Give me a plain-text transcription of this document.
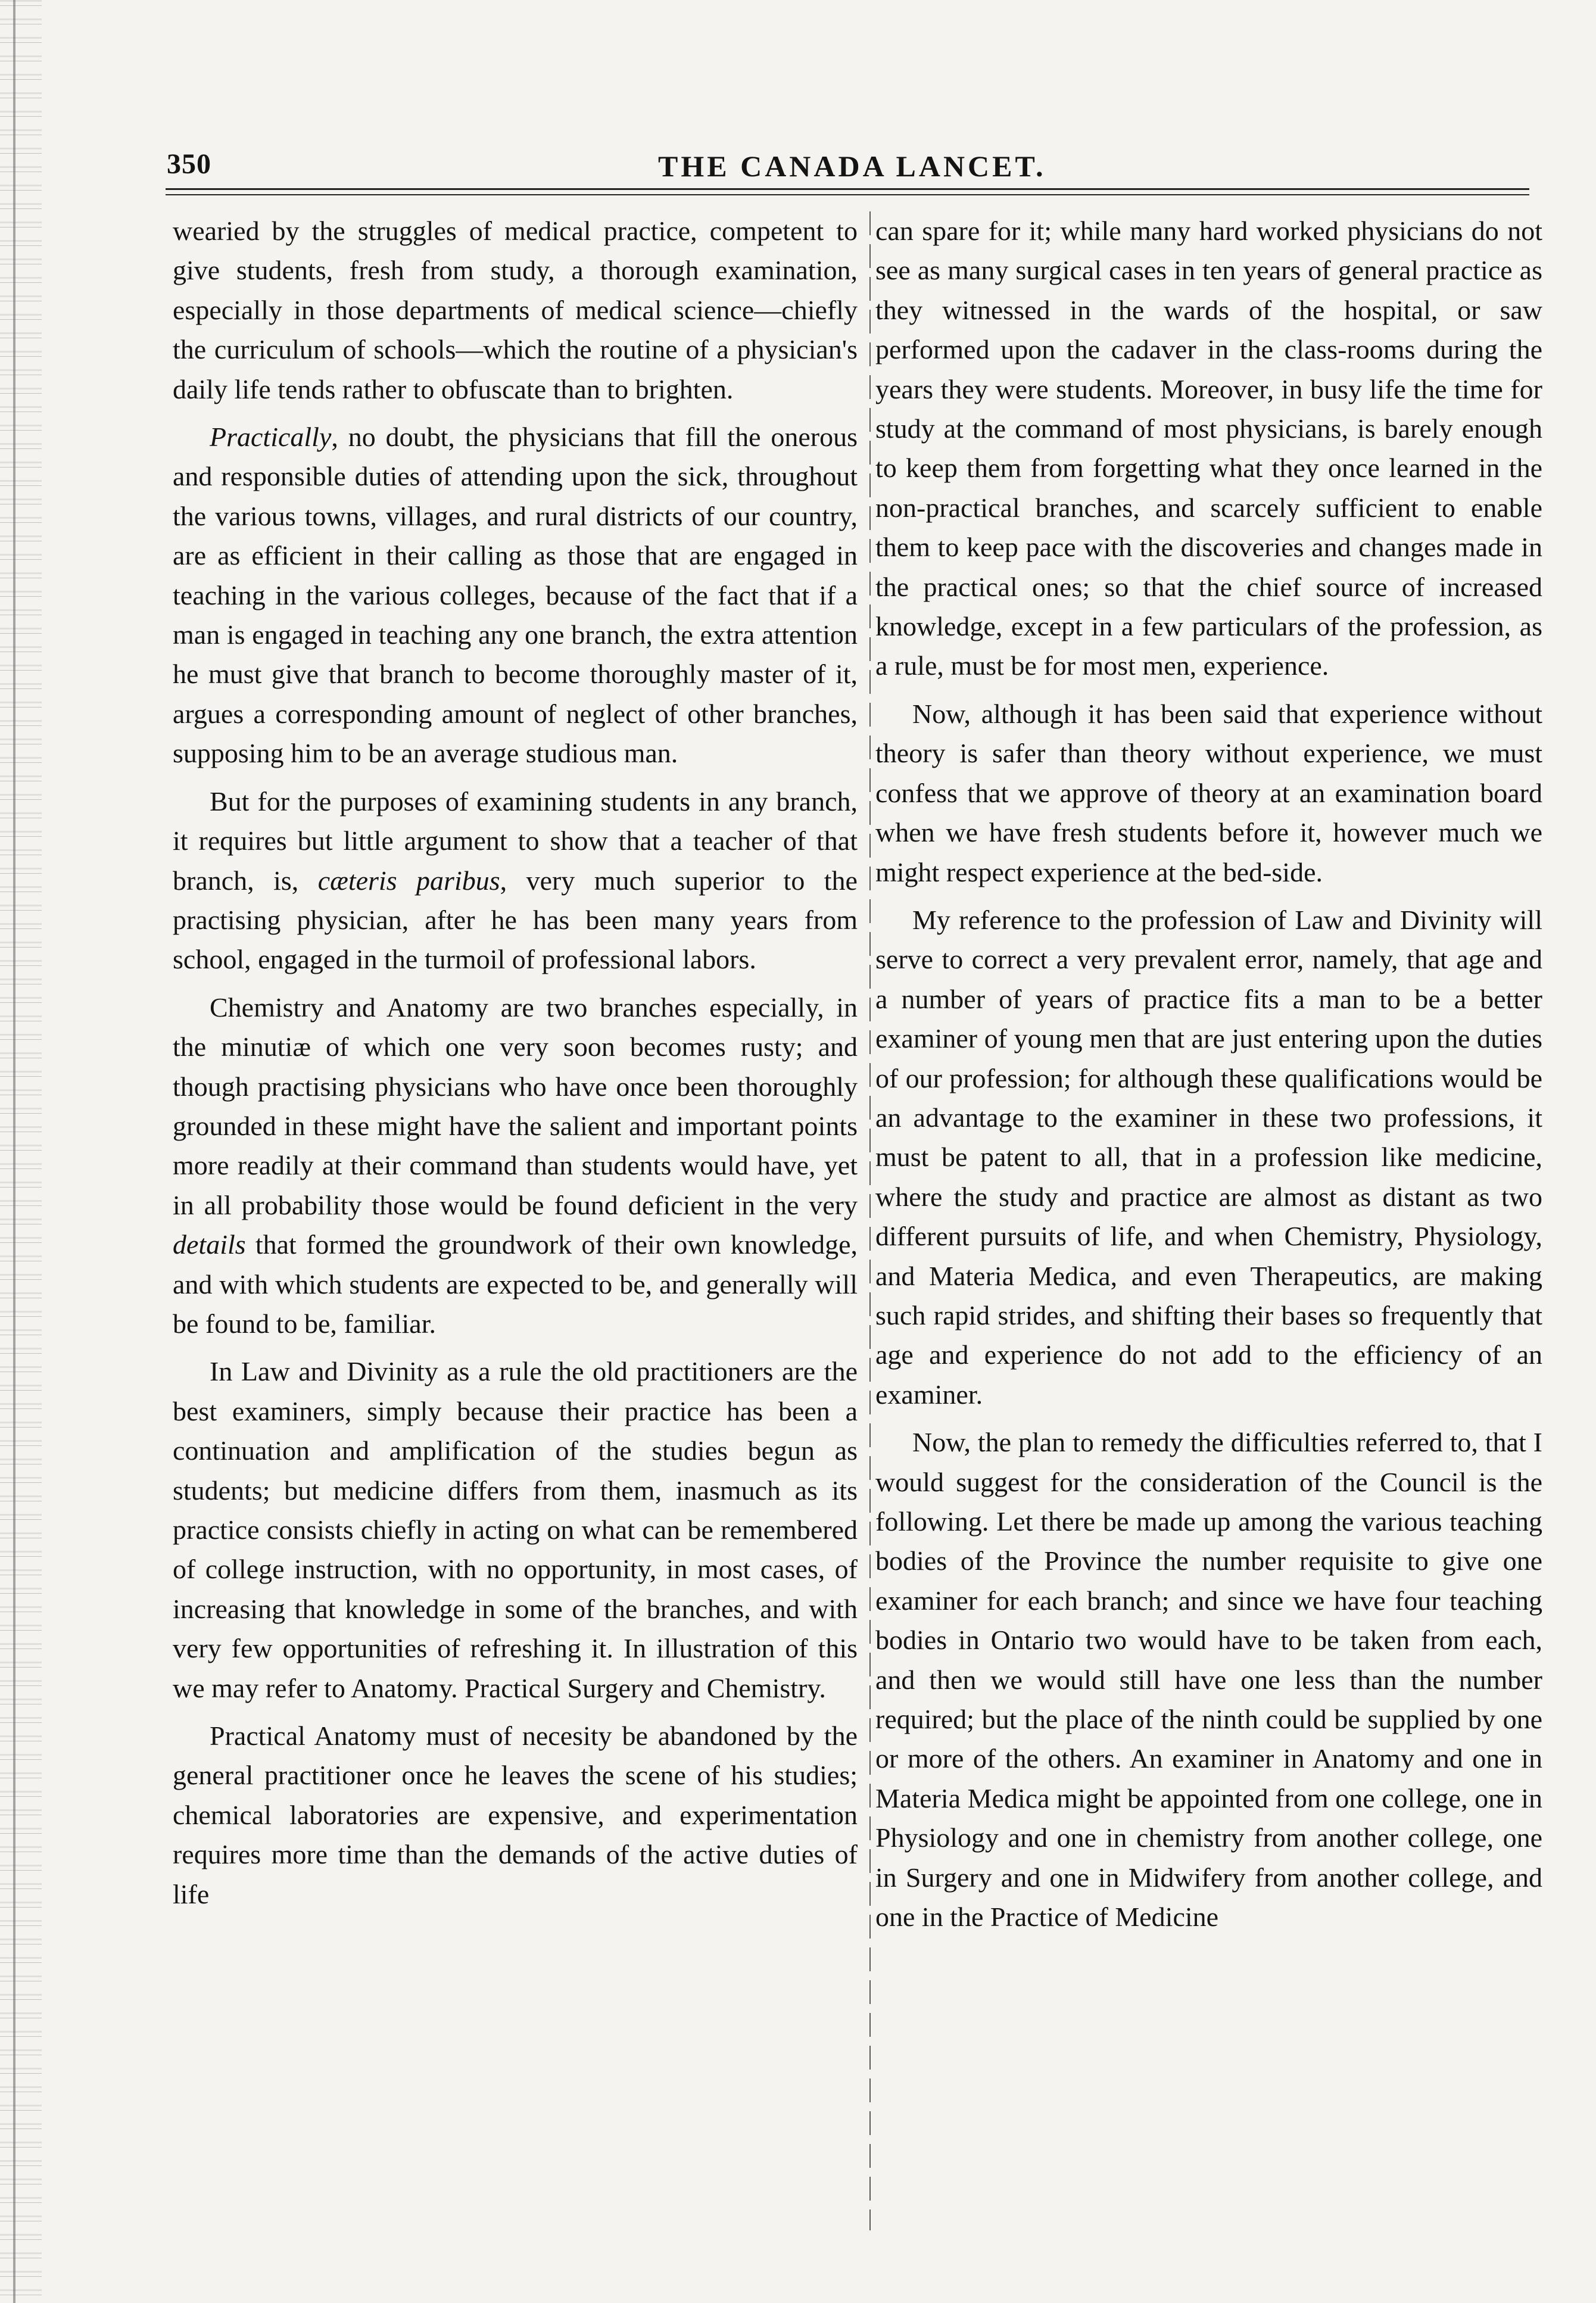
350	THE CANADA LANCET.

wearied by the struggles of medical practice, competent to give students, fresh from study, a thorough examination, especially in those departments of medical science—chiefly the curriculum of schools—which the routine of a physician's daily life tends rather to obfuscate than to brighten.

Practically, no doubt, the physicians that fill the onerous and responsible duties of attending upon the sick, throughout the various towns, villages, and rural districts of our country, are as efficient in their calling as those that are engaged in teaching in the various colleges, because of the fact that if a man is engaged in teaching any one branch, the extra attention he must give that branch to become thoroughly master of it, argues a corresponding amount of neglect of other branches, supposing him to be an average studious man.

But for the purposes of examining students in any branch, it requires but little argument to show that a teacher of that branch, is, cæteris paribus, very much superior to the practising physician, after he has been many years from school, engaged in the turmoil of professional labors.

Chemistry and Anatomy are two branches especially, in the minutiæ of which one very soon becomes rusty; and though practising physicians who have once been thoroughly grounded in these might have the salient and important points more readily at their command than students would have, yet in all probability those would be found deficient in the very details that formed the groundwork of their own knowledge, and with which students are expected to be, and generally will be found to be, familiar.

In Law and Divinity as a rule the old practitioners are the best examiners, simply because their practice has been a continuation and amplification of the studies begun as students; but medicine differs from them, inasmuch as its practice consists chiefly in acting on what can be remembered of college instruction, with no opportunity, in most cases, of increasing that knowledge in some of the branches, and with very few opportunities of refreshing it. In illustration of this we may refer to Anatomy. Practical Surgery and Chemistry.

Practical Anatomy must of necesity be abandoned by the general practitioner once he leaves the scene of his studies; chemical laboratories are expensive, and experimentation requires more time than the demands of the active duties of life

can spare for it; while many hard worked physicians do not see as many surgical cases in ten years of general practice as they witnessed in the wards of the hospital, or saw performed upon the cadaver in the class-rooms during the years they were students. Moreover, in busy life the time for study at the command of most physicians, is barely enough to keep them from forgetting what they once learned in the non-practical branches, and scarcely sufficient to enable them to keep pace with the discoveries and changes made in the practical ones; so that the chief source of increased knowledge, except in a few particulars of the profession, as a rule, must be for most men, experience.

Now, although it has been said that experience without theory is safer than theory without experience, we must confess that we approve of theory at an examination board when we have fresh students before it, however much we might respect experience at the bed-side.

My reference to the profession of Law and Divinity will serve to correct a very prevalent error, namely, that age and a number of years of practice fits a man to be a better examiner of young men that are just entering upon the duties of our profession; for although these qualifications would be an advantage to the examiner in these two professions, it must be patent to all, that in a profession like medicine, where the study and practice are almost as distant as two different pursuits of life, and when Chemistry, Physiology, and Materia Medica, and even Therapeutics, are making such rapid strides, and shifting their bases so frequently that age and experience do not add to the efficiency of an examiner.

Now, the plan to remedy the difficulties referred to, that I would suggest for the consideration of the Council is the following. Let there be made up among the various teaching bodies of the Province the number requisite to give one examiner for each branch; and since we have four teaching bodies in Ontario two would have to be taken from each, and then we would still have one less than the number required; but the place of the ninth could be supplied by one or more of the others. An examiner in Anatomy and one in Materia Medica might be appointed from one college, one in Physiology and one in chemistry from another college, one in Surgery and one in Midwifery from another college, and one in the Practice of Medicine
